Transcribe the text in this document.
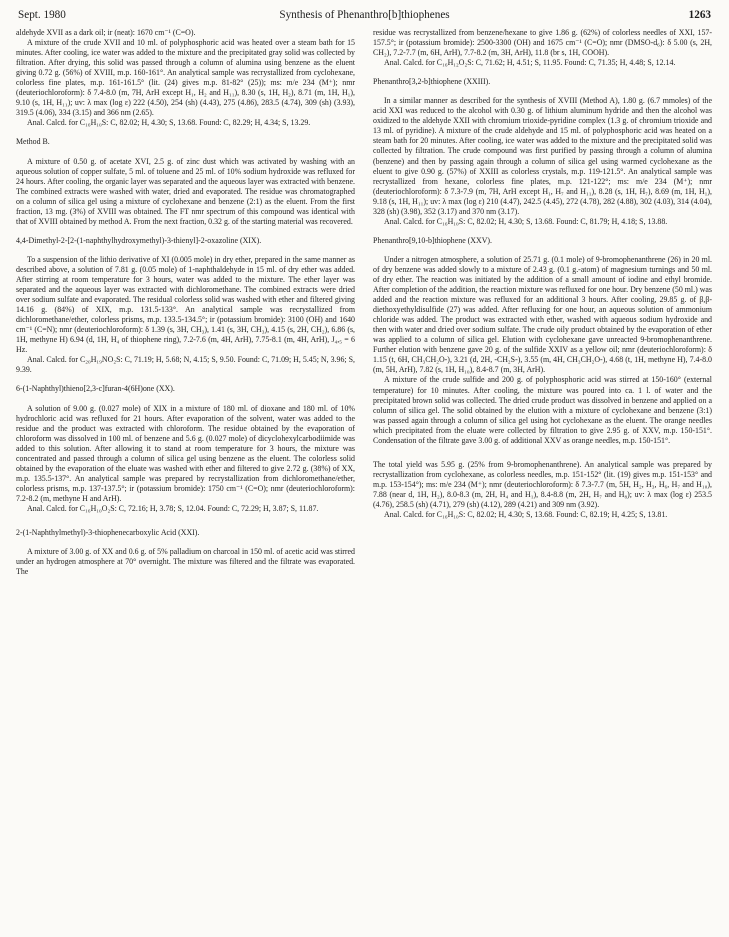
Sept. 1980	Synthesis of Phenanthro[b]thiophenes	1263

aldehyde XVII as a dark oil; ir (neat): 1670 cm⁻¹ (C=O).

A mixture of the crude XVII and 10 ml. of polyphosphoric acid was heated over a steam bath for 15 minutes. After cooling, ice water was added to the mixture and the precipitated gray solid was collected by filtration. After drying, this solid was passed through a column of alumina using benzene as the eluent giving 0.72 g. (56%) of XVIII, m.p. 160-161°. An analytical sample was recrystallized from cyclohexane, colorless fine plates, m.p. 161-161.5° (lit. (24) gives m.p. 81-82° (25)); ms: m/e 234 (M⁺); nmr (deuteriochloroform): δ 7.4-8.0 (m, 7H, ArH except H₁, H₂ and H₁₁), 8.30 (s, 1H, H₂), 8.71 (m, 1H, H₁), 9.10 (s, 1H, H₁₁); uv: λ max (log ε) 222 (4.50), 254 (sh) (4.43), 275 (4.86), 283.5 (4.74), 309 (sh) (3.93), 319.5 (4.06), 334 (3.15) and 366 nm (2.65).

Anal. Calcd. for C₁₆H₁₀S: C, 82.02; H, 4.30; S, 13.68. Found: C, 82.29; H, 4.34; S, 13.29.

Method B.

A mixture of 0.50 g. of acetate XVI, 2.5 g. of zinc dust which was activated by washing with an aqueous solution of copper sulfate, 5 ml. of toluene and 25 ml. of 10% sodium hydroxide was refluxed for 24 hours. After cooling, the organic layer was separated and the aqueous layer was extracted with benzene. The combined extracts were washed with water, dried and evaporated. The residue was chromatographed on a column of silica gel using a mixture of cyclohexane and benzene (2:1) as the eluent. From the first fraction, 13 mg. (3%) of XVIII was obtained. The FT nmr spectrum of this compound was identical with that of XVIII obtained by method A. From the next fraction, 0.32 g. of the starting material was recovered.

4,4-Dimethyl-2-[2-(1-naphthylhydroxymethyl)-3-thienyl]-2-oxazoline (XIX).

To a suspension of the lithio derivative of XI (0.005 mole) in dry ether, prepared in the same manner as described above, a solution of 7.81 g. (0.05 mole) of 1-naphthaldehyde in 15 ml. of dry ether was added. After stirring at room temperature for 3 hours, water was added to the mixture. The ether layer was separated and the aqueous layer was extracted with dichloromethane. The combined extracts were dried over sodium sulfate and evaporated. The residual colorless solid was washed with ether and filtered giving 14.16 g. (84%) of XIX, m.p. 131.5-133°. An analytical sample was recrystallized from dichloromethane/ether, colorless prisms, m.p. 133.5-134.5°; ir (potassium bromide): 3100 (OH) and 1640 cm⁻¹ (C=N); nmr (deuteriochloroform): δ 1.39 (s, 3H, CH₃), 1.41 (s, 3H, CH₃), 4.15 (s, 2H, CH₂), 6.86 (s, 1H, methyne H) 6.94 (d, 1H, H₄ of thiophene ring), 7.2-7.6 (m, 4H, ArH), 7.75-8.1 (m, 4H, ArH), J₄,₅ = 6 Hz.

Anal. Calcd. for C₂₀H₁₉NO₂S: C, 71.19; H, 5.68; N, 4.15; S, 9.50. Found: C, 71.09; H, 5.45; N, 3.96; S, 9.39.

6-(1-Naphthyl)thieno[2,3-c]furan-4(6H)one (XX).

A solution of 9.00 g. (0.027 mole) of XIX in a mixture of 180 ml. of dioxane and 180 ml. of 10% hydrochloric acid was refluxed for 21 hours. After evaporation of the solvent, water was added to the residue and the product was extracted with chloroform. The residue obtained by the evaporation of chloroform was dissolved in 100 ml. of benzene and 5.6 g. (0.027 mole) of dicyclohexylcarbodiimide was added to this solution. After allowing it to stand at room temperature for 3 hours, the mixture was concentrated and passed through a column of silica gel using benzene as the eluent. The colorless solid obtained by the evaporation of the eluate was washed with ether and filtered to give 2.72 g. (38%) of XX, m.p. 135.5-137°. An analytical sample was prepared by recrystallization from dichloromethane/ether, colorless prisms, m.p. 137-137.5°; ir (potassium bromide): 1750 cm⁻¹ (C=O); nmr (deuteriochloroform): 7.2-8.2 (m, methyne H and ArH).

Anal. Calcd. for C₁₆H₁₀O₂S: C, 72.16; H, 3.78; S, 12.04. Found: C, 72.29; H, 3.87; S, 11.87.

2-(1-Naphthylmethyl)-3-thiophenecarboxylic Acid (XXI).

A mixture of 3.00 g. of XX and 0.6 g. of 5% palladium on charcoal in 150 ml. of acetic acid was stirred under an hydrogen atmosphere at 70° overnight. The mixture was filtered and the filtrate was evaporated. The

residue was recrystallized from benzene/hexane to give 1.86 g. (62%) of colorless needles of XXI, 157-157.5°; ir (potassium bromide): 2500-3300 (OH) and 1675 cm⁻¹ (C=O); nmr (DMSO-d₆): δ 5.00 (s, 2H, CH₂), 7.2-7.7 (m, 6H, ArH), 7.7-8.2 (m, 3H, ArH), 11.8 (br s, 1H, COOH).

Anal. Calcd. for C₁₆H₁₂O₂S: C, 71.62; H, 4.51; S, 11.95. Found: C, 71.35; H, 4.48; S, 12.14.

Phenanthro[3,2-b]thiophene (XXIII).

In a similar manner as described for the synthesis of XVIII (Method A), 1.80 g. (6.7 mmoles) of the acid XXI was reduced to the alcohol with 0.30 g. of lithium aluminum hydride and then the alcohol was oxidized to the aldehyde XXII with chromium trioxide-pyridine complex (1.3 g. of chromium trioxide and 13 ml. of pyridine). A mixture of the crude aldehyde and 15 ml. of polyphosphoric acid was heated on a steam bath for 20 minutes. After cooling, ice water was added to the mixture and the precipitated solid was collected by filtration. The crude compound was first purified by passing through a column of alumina (benzene) and then by passing again through a column of silica gel using warmed cyclohexane as the eluent to give 0.90 g. (57%) of XXIII as colorless crystals, m.p. 119-121.5°. An analytical sample was recrystallized from hexane, colorless fine plates, m.p. 121-122°; ms: m/e 234 (M⁺); nmr (deuteriochloroform): δ 7.3-7.9 (m, 7H, ArH except H₁, H₇ and H₁₁), 8.28 (s, 1H, H₇), 8.69 (m, 1H, H₁), 9.18 (s, 1H, H₁₁); uv: λ max (log ε) 210 (4.47), 242.5 (4.45), 272 (4.78), 282 (4.88), 302 (4.03), 314 (4.04), 328 (sh) (3.98), 352 (3.17) and 370 nm (3.17).

Anal. Calcd. for C₁₆H₁₀S: C, 82.02; H, 4.30; S, 13.68. Found: C, 81.79; H, 4.18; S, 13.88.

Phenanthro[9,10-b]thiophene (XXV).

Under a nitrogen atmosphere, a solution of 25.71 g. (0.1 mole) of 9-bromophenanthrene (26) in 20 ml. of dry benzene was added slowly to a mixture of 2.43 g. (0.1 g.-atom) of magnesium turnings and 50 ml. of dry ether. The reaction was initiated by the addition of a small amount of iodine and ethyl bromide. After completion of the addition, the reaction mixture was refluxed for one hour. Dry benzene (50 ml.) was added and the reaction mixture was refluxed for an additional 3 hours. After cooling, 29.85 g. of β,β-diethoxyethyldisulfide (27) was added. After refluxing for one hour, an aqueous solution of ammonium chloride was added. The product was extracted with ether, washed with aqueous sodium hydroxide and then with water and dried over sodium sulfate. The crude oily product obtained by the evaporation of ether was applied to a column of silica gel. Elution with cyclohexane gave unreacted 9-bromophenanthrene. Further elution with benzene gave 20 g. of the sulfide XXIV as a yellow oil; nmr (deuteriochloroform): δ 1.15 (t, 6H, CH₃CH₂O-), 3.21 (d, 2H, -CH₂S-), 3.55 (m, 4H, CH₃CH₂O-), 4.68 (t, 1H, methyne H), 7.4-8.0 (m, 5H, ArH), 7.82 (s, 1H, H₁₀), 8.4-8.7 (m, 3H, ArH).

A mixture of the crude sulfide and 200 g. of polyphosphoric acid was stirred at 150-160° (external temperature) for 10 minutes. After cooling, the mixture was poured into ca. 1 l. of water and the precipitated brown solid was collected. The dried crude product was dissolved in benzene and applied on a column of silica gel. The solid obtained by the elution with a mixture of cyclohexane and benzene (3:1) was passed again through a column of silica gel using hot cyclohexane as the eluent. The orange needles which precipitated from the eluate were collected by filtration to give 2.95 g. of XXV, m.p. 150-151°. Condensation of the filtrate gave 3.00 g. of additional XXV as orange needles, m.p. 150-151°.

The total yield was 5.95 g. (25% from 9-bromophenanthrene). An analytical sample was prepared by recrystallization from cyclohexane, as colorless needles, m.p. 151-152° (lit. (19) gives m.p. 151-153° and m.p. 153-154°); ms: m/e 234 (M⁺); nmr (deuteriochloroform): δ 7.3-7.7 (m, 5H, H₂, H₃, H₆, H₇ and H₁₀), 7.88 (near d, 1H, H₂), 8.0-8.3 (m, 2H, H₄ and H₁), 8.4-8.8 (m, 2H, H₇ and H₈); uv: λ max (log ε) 253.5 (4.76), 258.5 (sh) (4.71), 279 (sh) (4.12), 289 (4.21) and 309 nm (3.92).

Anal. Calcd. for C₁₆H₁₀S: C, 82.02; H, 4.30; S, 13.68. Found: C, 82.19; H, 4.25; S, 13.81.
